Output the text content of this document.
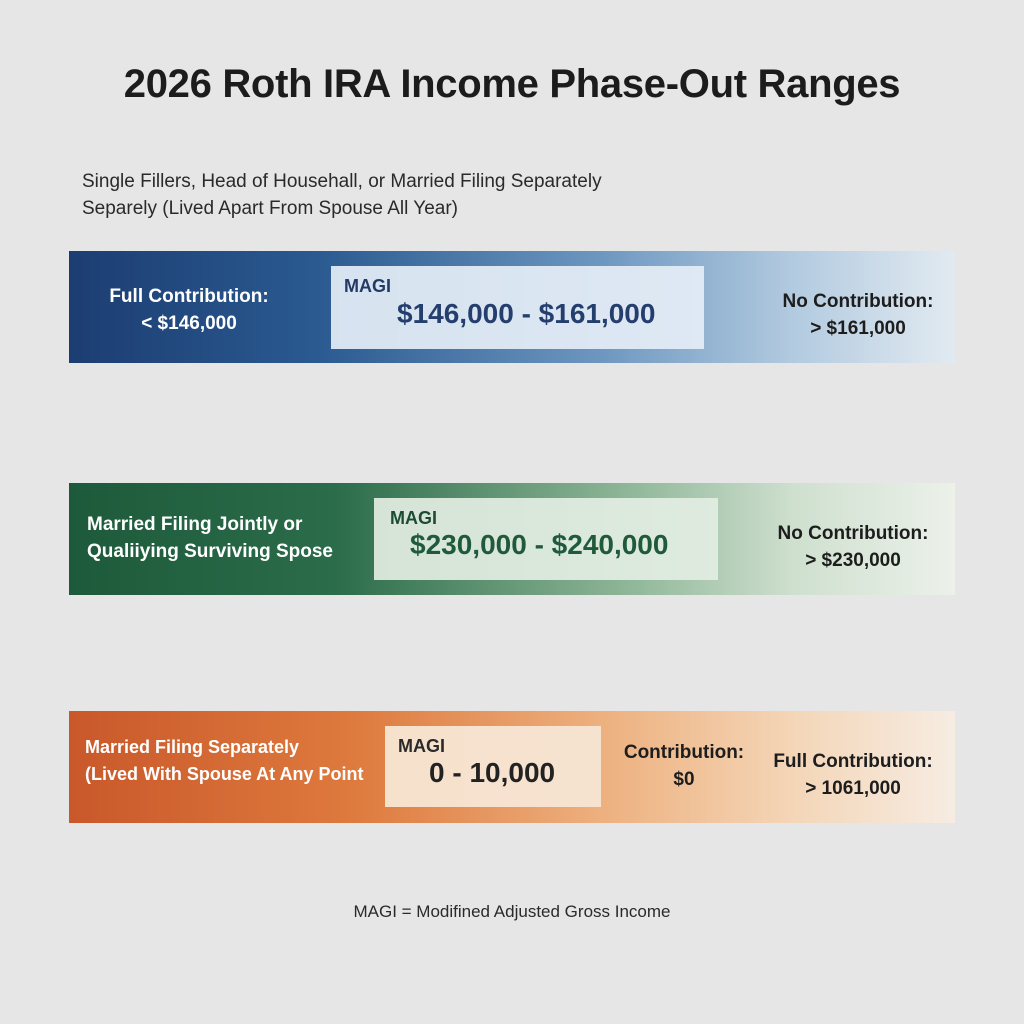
2026 Roth IRA Income Phase-Out Ranges
Single Fillers, Head of Househall, or Married Filing Separately
Separely (Lived Apart From Spouse All Year)
Full Contribution:
< $146,000
MAGI
$146,000 - $161,000	No Contribution:
> $161,000
Married Filing Jointly or
Qualiiying Surviving Spose
MAGI
$230,000 - $240,000	No Contribution:
> $230,000
Married Filing Separately
(Lived With Spouse At Any Point
MAGI
0 - 10,000
Contribution:
$0
Full Contribution:
> 1061,000
MAGI = Modifined Adjusted Gross Income
